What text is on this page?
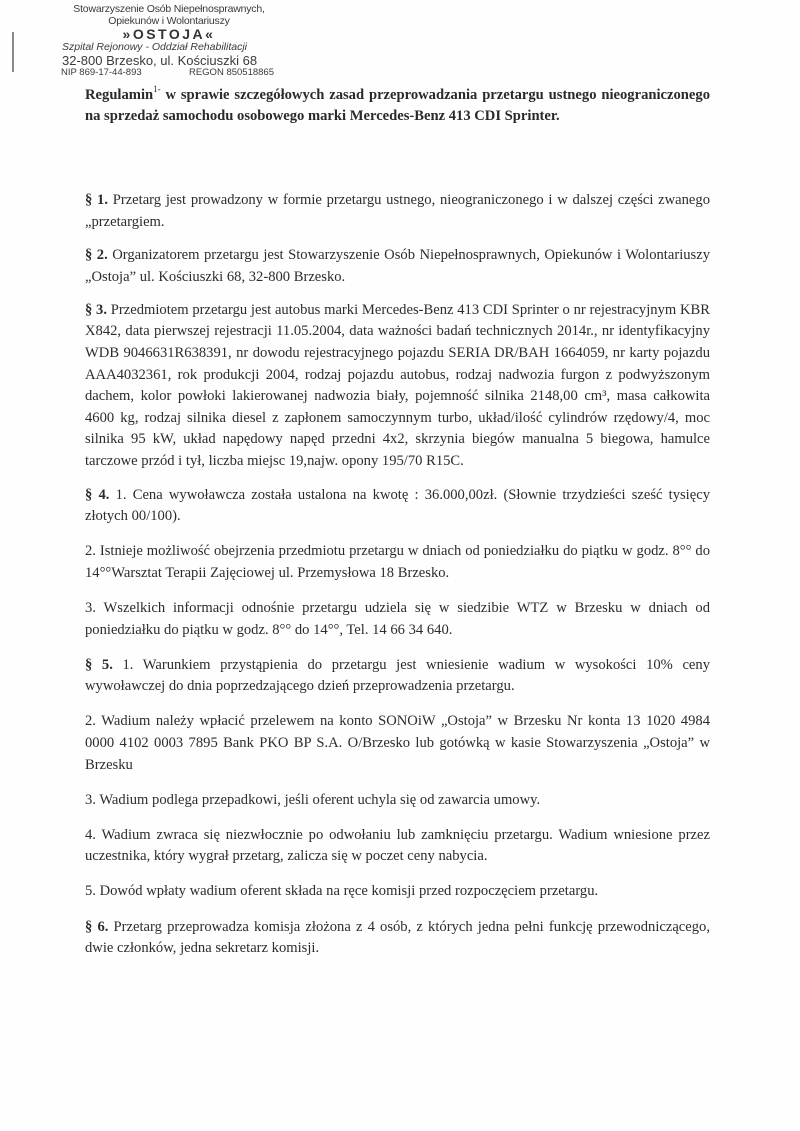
Stowarzyszenie Osób Niepełnosprawnych,
Opiekunów i Wolontariuszy
»OSTOJA«
Szpital Rejonowy - Oddział Rehabilitacji
32-800 Brzesko, ul. Kościuszki 68
NIP 869-17-44-893	REGON 850518865
Regulamin$^{1-}$ w sprawie szczegółowych zasad przeprowadzania przetargu ustnego nieograniczonego na sprzedaż samochodu osobowego marki Mercedes-Benz 413 CDI Sprinter.

§ 1. Przetarg jest prowadzony w formie przetargu ustnego, nieograniczonego i w dalszej części zwanego „przetargiem.

§ 2. Organizatorem przetargu jest Stowarzyszenie Osób Niepełnosprawnych, Opiekunów i Wolontariuszy „Ostoja” ul. Kościuszki 68, 32-800 Brzesko.

§ 3. Przedmiotem przetargu jest autobus marki Mercedes-Benz 413 CDI Sprinter o nr rejestracyjnym KBR X842, data pierwszej rejestracji 11.05.2004, data ważności badań technicznych 2014r., nr identyfikacyjny WDB 9046631R638391, nr dowodu rejestracyjnego pojazdu SERIA DR/BAH 1664059, nr karty pojazdu AAA4032361, rok produkcji 2004, rodzaj pojazdu autobus, rodzaj nadwozia furgon z podwyższonym dachem, kolor powłoki lakierowanej nadwozia biały, pojemność silnika 2148,00 cm³, masa całkowita 4600 kg, rodzaj silnika diesel z zapłonem samoczynnym turbo, układ/ilość cylindrów rzędowy/4, moc silnika 95 kW, układ napędowy napęd przedni 4x2, skrzynia biegów manualna 5 biegowa, hamulce tarczowe przód i tył, liczba miejsc 19,najw. opony 195/70 R15C.

§ 4. 1. Cena wywoławcza została ustalona na kwotę : 36.000,00zł. (Słownie trzydzieści sześć tysięcy złotych 00/100).

2. Istnieje możliwość obejrzenia przedmiotu przetargu w dniach od poniedziałku do piątku w godz. 8°° do 14°°Warsztat Terapii Zajęciowej ul. Przemysłowa 18 Brzesko.

3. Wszelkich informacji odnośnie przetargu udziela się w siedzibie WTZ w Brzesku w dniach od poniedziałku do piątku w godz. 8°° do 14°°, Tel. 14 66 34 640.

§ 5. 1. Warunkiem przystąpienia do przetargu jest wniesienie wadium w wysokości 10% ceny wywoławczej do dnia poprzedzającego dzień przeprowadzenia przetargu.

2. Wadium należy wpłacić przelewem na konto SONOiW „Ostoja” w Brzesku Nr konta 13 1020 4984 0000 4102 0003 7895 Bank PKO BP S.A. O/Brzesko lub gotówką w kasie Stowarzyszenia „Ostoja” w Brzesku

3. Wadium podlega przepadkowi, jeśli oferent uchyla się od zawarcia umowy.

4. Wadium zwraca się niezwłocznie po odwołaniu lub zamknięciu przetargu. Wadium wniesione przez uczestnika, który wygrał przetarg, zalicza się w poczet ceny nabycia.

5. Dowód wpłaty wadium oferent składa na ręce komisji przed rozpoczęciem przetargu.

§ 6. Przetarg przeprowadza komisja złożona z 4 osób, z których jedna pełni funkcję przewodniczącego, dwie członków, jedna sekretarz komisji.
